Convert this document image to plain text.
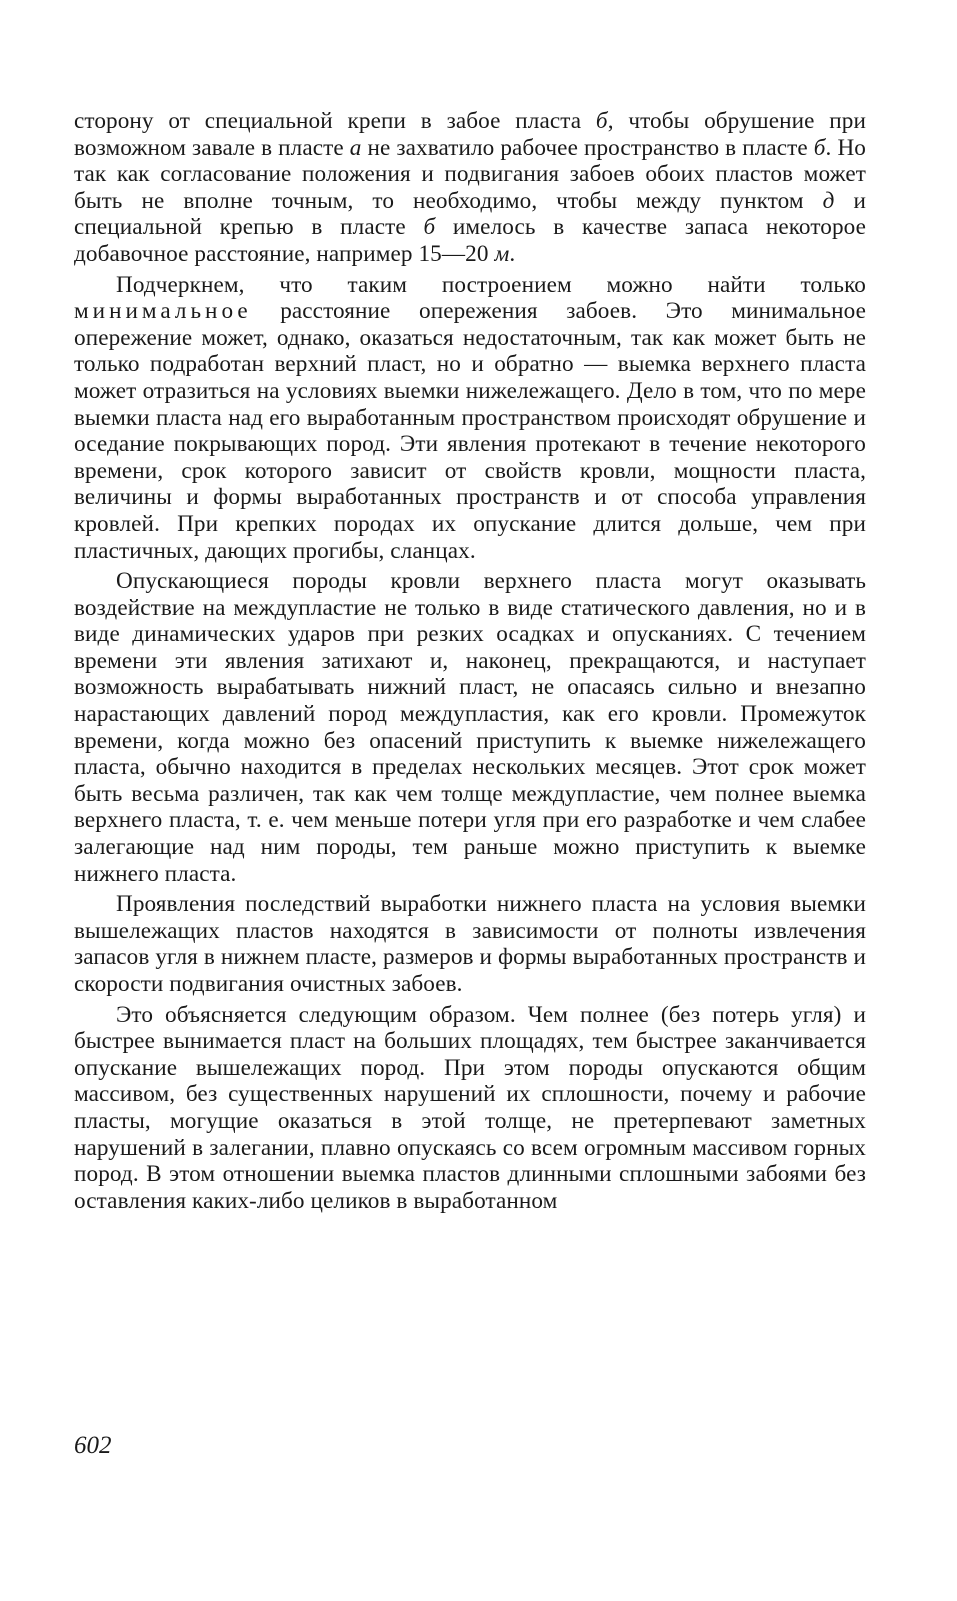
сторону от специальной крепи в забое пласта б, чтобы обрушение при возможном завале в пласте а не захватило рабочее пространство в пласте б. Но так как согласование положения и подвигания забоев обоих пластов может быть не вполне точным, то необходимо, чтобы между пунктом д и специальной крепью в пласте б имелось в качестве запаса некоторое добавочное расстояние, например 15—20 м.

Подчеркнем, что таким построением можно найти только минимальное расстояние опережения забоев. Это минимальное опережение может, однако, оказаться недостаточным, так как может быть не только подработан верхний пласт, но и обратно — выемка верхнего пласта может отразиться на условиях выемки нижележащего. Дело в том, что по мере выемки пласта над его выработанным пространством происходят обрушение и оседание покрывающих пород. Эти явления протекают в течение некоторого времени, срок которого зависит от свойств кровли, мощности пласта, величины и формы выработанных пространств и от способа управления кровлей. При крепких породах их опускание длится дольше, чем при пластичных, дающих прогибы, сланцах.

Опускающиеся породы кровли верхнего пласта могут оказывать воздействие на междупластие не только в виде статического давления, но и в виде динамических ударов при резких осадках и опусканиях. С течением времени эти явления затихают и, наконец, прекращаются, и наступает возможность вырабатывать нижний пласт, не опасаясь сильно и внезапно нарастающих давлений пород междупластия, как его кровли. Промежуток времени, когда можно без опасений приступить к выемке нижележащего пласта, обычно находится в пределах нескольких месяцев. Этот срок может быть весьма различен, так как чем толще междупластие, чем полнее выемка верхнего пласта, т. е. чем меньше потери угля при его разработке и чем слабее залегающие над ним породы, тем раньше можно приступить к выемке нижнего пласта.

Проявления последствий выработки нижнего пласта на условия выемки вышележащих пластов находятся в зависимости от полноты извлечения запасов угля в нижнем пласте, размеров и формы выработанных пространств и скорости подвигания очистных забоев.

Это объясняется следующим образом. Чем полнее (без потерь угля) и быстрее вынимается пласт на больших площадях, тем быстрее заканчивается опускание вышележащих пород. При этом породы опускаются общим массивом, без существенных нарушений их сплошности, почему и рабочие пласты, могущие оказаться в этой толще, не претерпевают заметных нарушений в залегании, плавно опускаясь со всем огромным массивом горных пород. В этом отношении выемка пластов длинными сплошными забоями без оставления каких-либо целиков в выработанном

602
